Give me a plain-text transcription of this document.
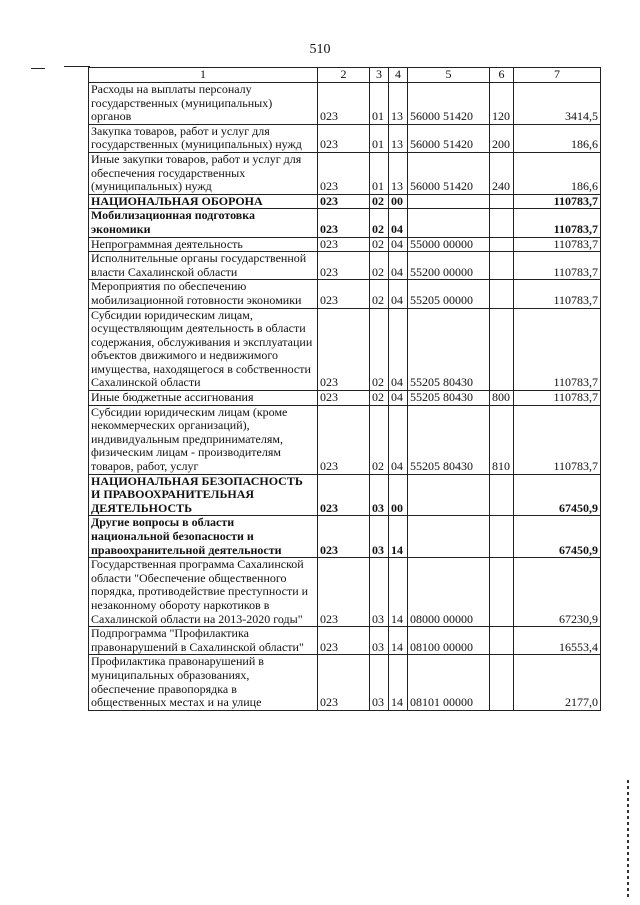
510
1	2	3	4	5	6	7
Расходы на выплаты персоналу государственных (муниципальных) органов	023	01	13	56000 51420	120	3414,5
Закупка товаров, работ и услуг для государственных (муниципальных) нужд	023	01	13	56000 51420	200	186,6
Иные закупки товаров, работ и услуг для обеспечения государственных (муниципальных) нужд	023	01	13	56000 51420	240	186,6
НАЦИОНАЛЬНАЯ ОБОРОНА	023	02	00			110783,7
Мобилизационная подготовка экономики	023	02	04			110783,7
Непрограммная деятельность	023	02	04	55000 00000		110783,7
Исполнительные органы государственной власти Сахалинской области	023	02	04	55200 00000		110783,7
Мероприятия по обеспечению мобилизационной готовности экономики	023	02	04	55205 00000		110783,7
Субсидии юридическим лицам, осуществляющим деятельность в области содержания, обслуживания и эксплуатации объектов движимого и недвижимого имущества, находящегося в собственности Сахалинской области	023	02	04	55205 80430		110783,7
Иные бюджетные ассигнования	023	02	04	55205 80430	800	110783,7
Субсидии юридическим лицам (кроме некоммерческих организаций), индивидуальным предпринимателям, физическим лицам - производителям товаров, работ, услуг	023	02	04	55205 80430	810	110783,7
НАЦИОНАЛЬНАЯ БЕЗОПАСНОСТЬ И ПРАВООХРАНИТЕЛЬНАЯ ДЕЯТЕЛЬНОСТЬ	023	03	00			67450,9
Другие вопросы в области национальной безопасности и правоохранительной деятельности	023	03	14			67450,9
Государственная программа Сахалинской области "Обеспечение общественного порядка, противодействие преступности и незаконному обороту наркотиков в Сахалинской области на 2013-2020 годы"	023	03	14	08000 00000		67230,9
Подпрограмма "Профилактика правонарушений в Сахалинской области"	023	03	14	08100 00000		16553,4
Профилактика правонарушений в муниципальных образованиях, обеспечение правопорядка в общественных местах и на улице	023	03	14	08101 00000		2177,0
